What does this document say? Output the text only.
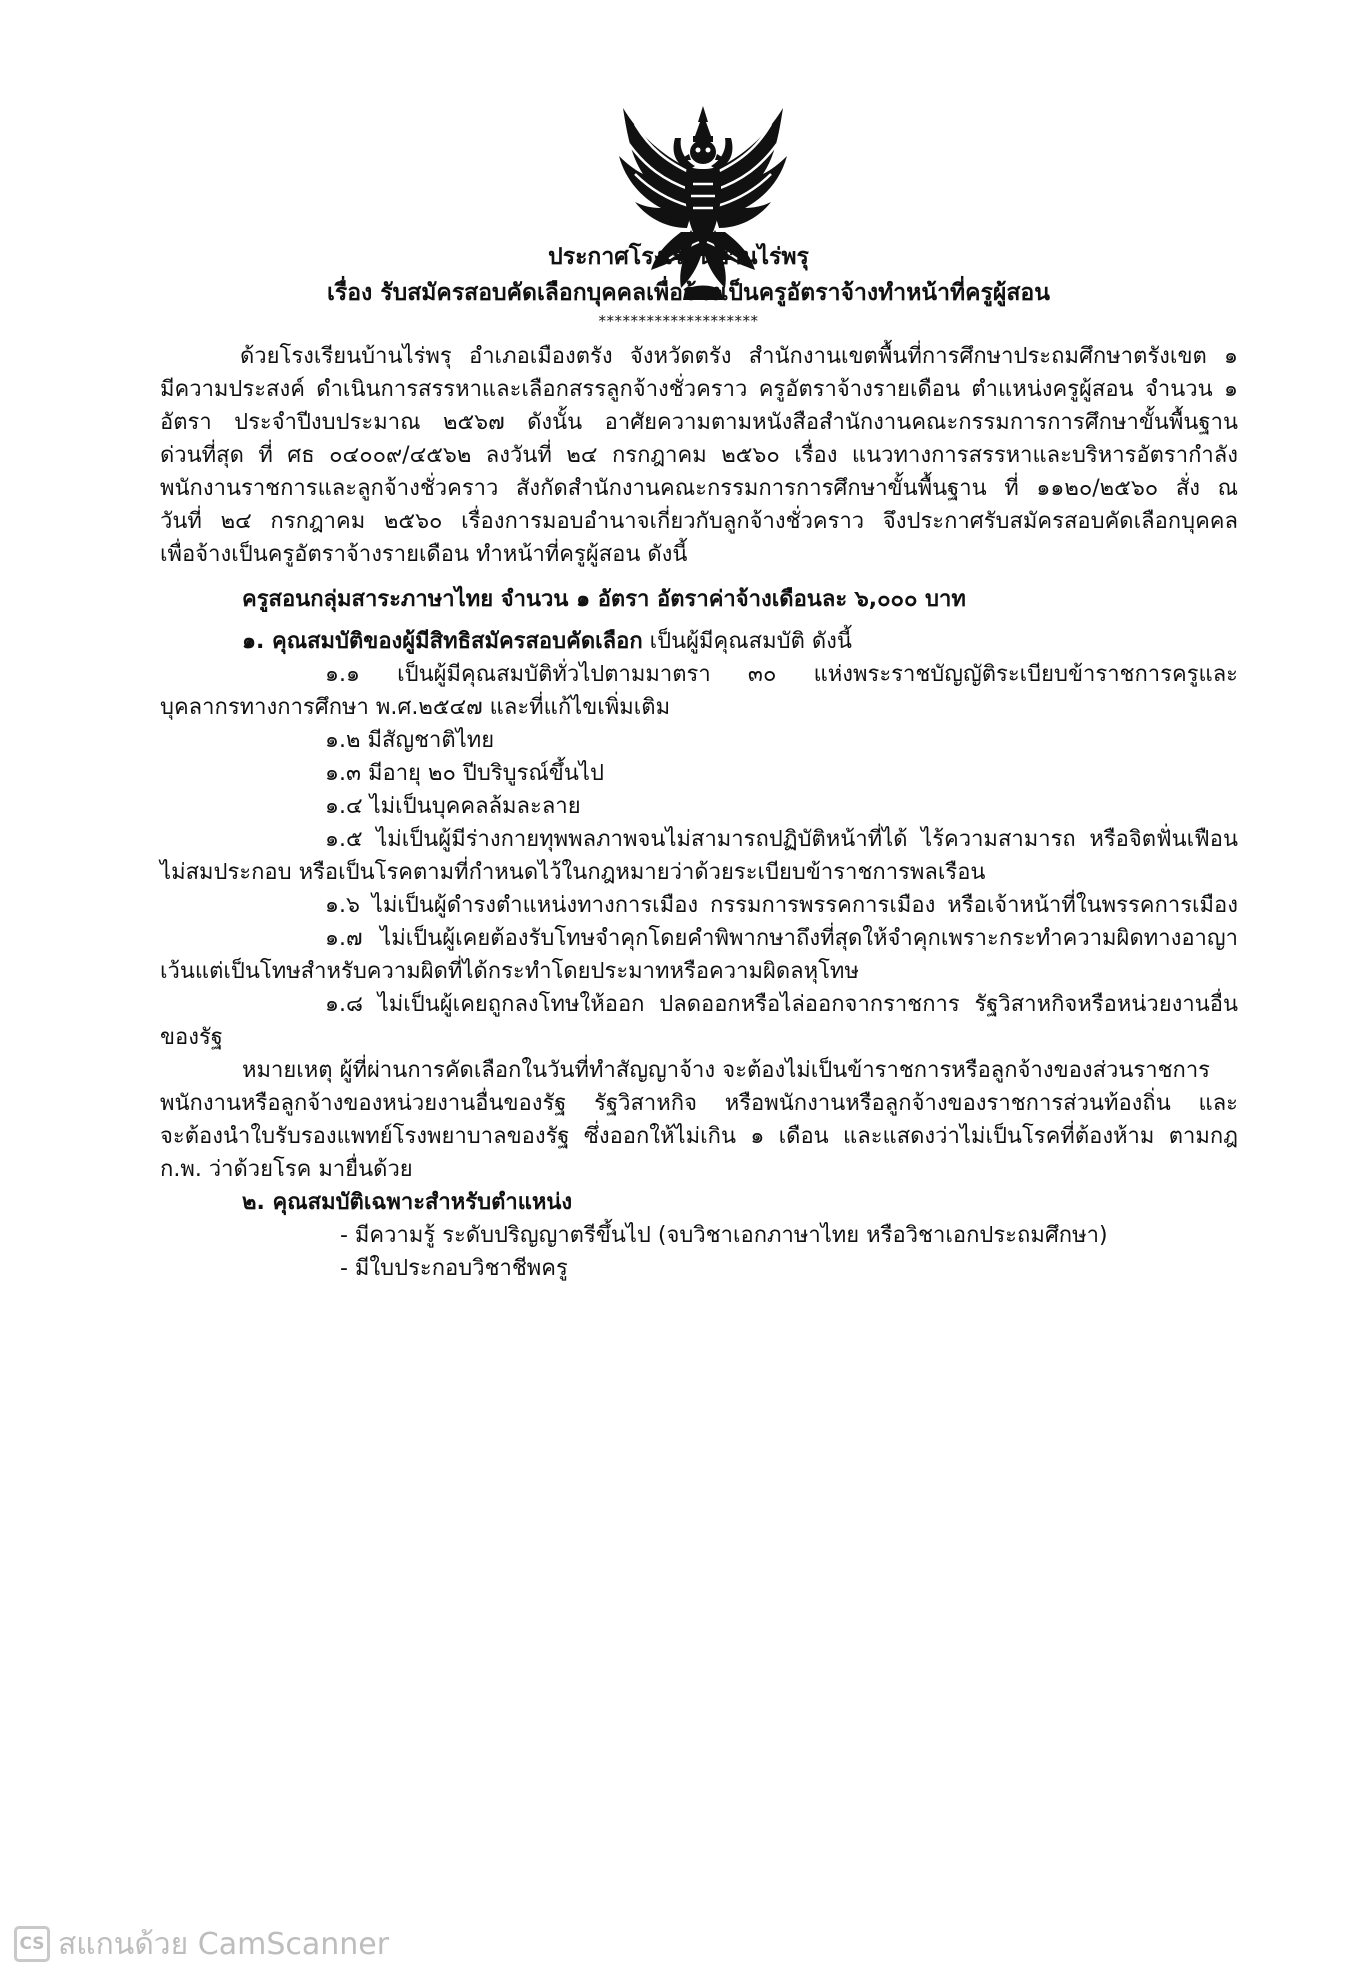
ประกาศโรงเรียนบ้านไร่พรุ
เรื่อง รับสมัครสอบคัดเลือกบุคคลเพื่อจ้างเป็นครูอัตราจ้างทำหน้าที่ครูผู้สอน
********************
ด้วยโรงเรียนบ้านไร่พรุ อำเภอเมืองตรัง จังหวัดตรัง สำนักงานเขตพื้นที่การศึกษาประถมศึกษาตรังเขต ๑
มีความประสงค์ ดำเนินการสรรหาและเลือกสรรลูกจ้างชั่วคราว ครูอัตราจ้างรายเดือน ตำแหน่งครูผู้สอน จำนวน ๑
อัตรา ประจำปีงบประมาณ ๒๕๖๗ ดังนั้น อาศัยความตามหนังสือสำนักงานคณะกรรมการการศึกษาขั้นพื้นฐาน
ด่วนที่สุด ที่ ศธ ๐๔๐๐๙/๔๕๖๒ ลงวันที่ ๒๔ กรกฎาคม ๒๕๖๐ เรื่อง แนวทางการสรรหาและบริหารอัตรากำลัง
พนักงานราชการและลูกจ้างชั่วคราว สังกัดสำนักงานคณะกรรมการการศึกษาขั้นพื้นฐาน ที่ ๑๑๒๐/๒๕๖๐ สั่ง ณ
วันที่ ๒๔ กรกฎาคม ๒๕๖๐ เรื่องการมอบอำนาจเกี่ยวกับลูกจ้างชั่วคราว จึงประกาศรับสมัครสอบคัดเลือกบุคคล
เพื่อจ้างเป็นครูอัตราจ้างรายเดือน ทำหน้าที่ครูผู้สอน ดังนี้
ครูสอนกลุ่มสาระภาษาไทย จำนวน ๑ อัตรา อัตราค่าจ้างเดือนละ ๖,๐๐๐ บาท
๑. คุณสมบัติของผู้มีสิทธิสมัครสอบคัดเลือก เป็นผู้มีคุณสมบัติ ดังนี้
๑.๑ เป็นผู้มีคุณสมบัติทั่วไปตามมาตรา ๓๐ แห่งพระราชบัญญัติระเบียบข้าราชการครูและ
บุคลากรทางการศึกษา พ.ศ.๒๕๔๗ และที่แก้ไขเพิ่มเติม
๑.๒ มีสัญชาติไทย
๑.๓ มีอายุ ๒๐ ปีบริบูรณ์ขึ้นไป
๑.๔ ไม่เป็นบุคคลล้มละลาย
๑.๕ ไม่เป็นผู้มีร่างกายทุพพลภาพจนไม่สามารถปฏิบัติหน้าที่ได้ ไร้ความสามารถ หรือจิตฟั่นเฟือน
ไม่สมประกอบ หรือเป็นโรคตามที่กำหนดไว้ในกฎหมายว่าด้วยระเบียบข้าราชการพลเรือน
๑.๖ ไม่เป็นผู้ดำรงตำแหน่งทางการเมือง กรรมการพรรคการเมือง หรือเจ้าหน้าที่ในพรรคการเมือง
๑.๗ ไม่เป็นผู้เคยต้องรับโทษจำคุกโดยคำพิพากษาถึงที่สุดให้จำคุกเพราะกระทำความผิดทางอาญา
เว้นแต่เป็นโทษสำหรับความผิดที่ได้กระทำโดยประมาทหรือความผิดลหุโทษ
๑.๘ ไม่เป็นผู้เคยถูกลงโทษให้ออก ปลดออกหรือไล่ออกจากราชการ รัฐวิสาหกิจหรือหน่วยงานอื่น
ของรัฐ
หมายเหตุ ผู้ที่ผ่านการคัดเลือกในวันที่ทำสัญญาจ้าง จะต้องไม่เป็นข้าราชการหรือลูกจ้างของส่วนราชการ
พนักงานหรือลูกจ้างของหน่วยงานอื่นของรัฐ รัฐวิสาหกิจ หรือพนักงานหรือลูกจ้างของราชการส่วนท้องถิ่น และ
จะต้องนำใบรับรองแพทย์โรงพยาบาลของรัฐ ซึ่งออกให้ไม่เกิน ๑ เดือน และแสดงว่าไม่เป็นโรคที่ต้องห้าม ตามกฎ
ก.พ. ว่าด้วยโรค มายื่นด้วย
๒. คุณสมบัติเฉพาะสำหรับตำแหน่ง
- มีความรู้ ระดับปริญญาตรีขึ้นไป (จบวิชาเอกภาษาไทย หรือวิชาเอกประถมศึกษา)
- มีใบประกอบวิชาชีพครู
CS สแกนด้วย CamScanner
